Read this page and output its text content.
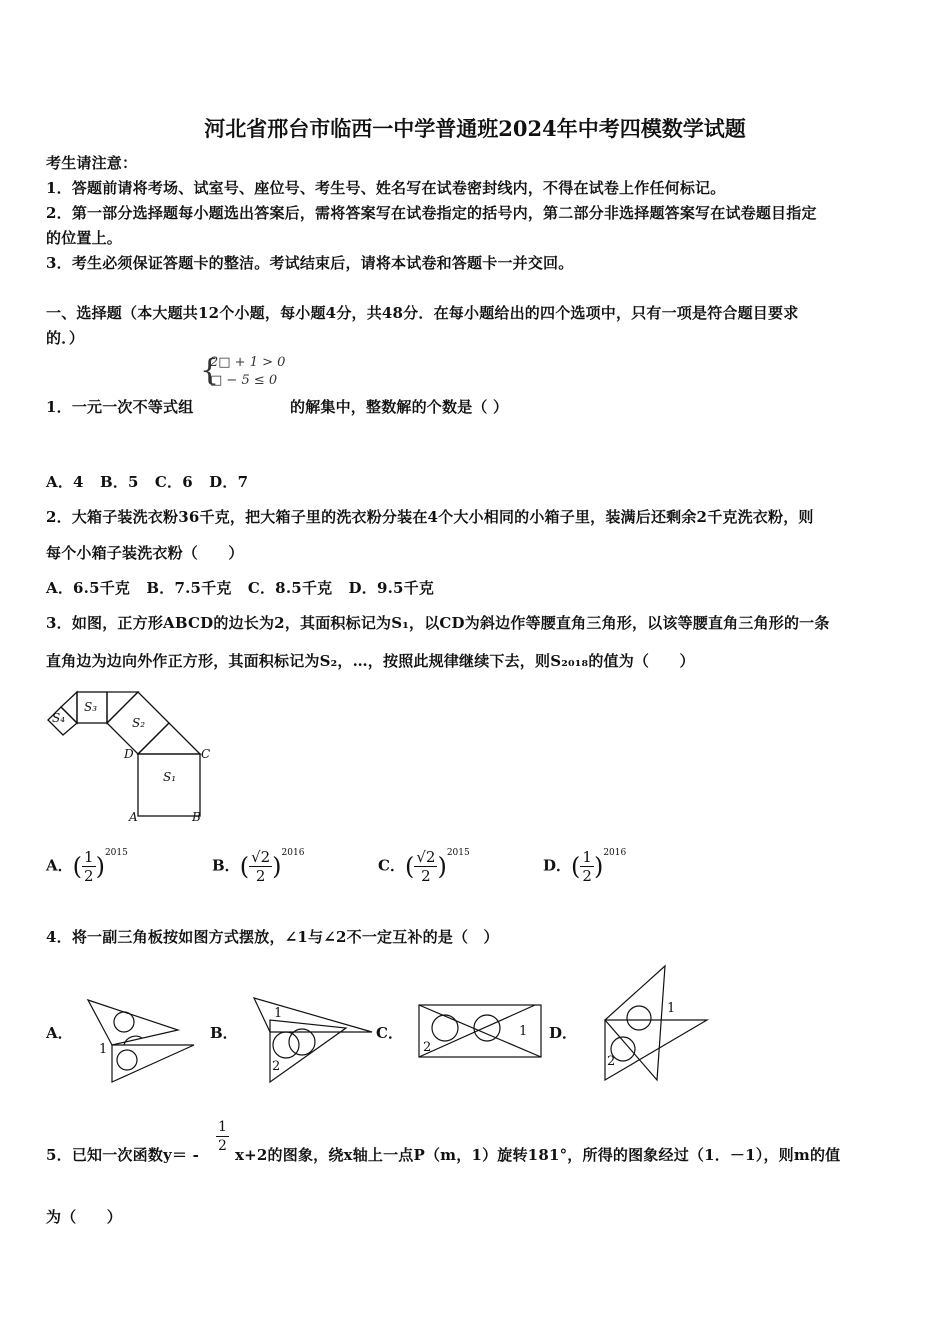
河北省邢台市临西一中学普通班2024年中考四模数学试题
考生请注意：
1．答题前请将考场、试室号、座位号、考生号、姓名写在试卷密封线内，不得在试卷上作任何标记。
2．第一部分选择题每小题选出答案后，需将答案写在试卷指定的括号内，第二部分非选择题答案写在试卷题目指定
的位置上。
3．考生必须保证答题卡的整洁。考试结束后，请将本试卷和答题卡一并交回。
一、选择题（本大题共12个小题，每小题4分，共48分．在每小题给出的四个选项中，只有一项是符合题目要求
的．）
1．一元一次不等式组
{
2□ + 1 > 0
□ − 5 ≤ 0
的解集中，整数解的个数是（ ）
A．4   B．5   C．6   D．7
2．大箱子装洗衣粉36千克，把大箱子里的洗衣粉分装在4个大小相同的小箱子里，装满后还剩余2千克洗衣粉，则
每个小箱子装洗衣粉（　　）
A．6.5千克   B．7.5千克   C．8.5千克   D．9.5千克
3．如图，正方形ABCD的边长为2，其面积标记为S₁，以CD为斜边作等腰直角三角形，以该等腰直角三角形的一条
直角边为边向外作正方形，其面积标记为S₂，…，按照此规律继续下去，则S₂₀₁₈的值为（　　）
S₄
S₃
S₂
S₁
D	C
A	B
A．( $\frac{1}{2} )^{2015}$
B．( $\frac{√2}{2} )^{2016}$
C．( $\frac{√2}{2} )^{2015}$
D．( $\frac{1}{2} )^{2016}$
4．将一副三角板按如图方式摆放，∠1与∠2不一定互补的是（　）
A．
1
B．
1
2
C．
2
1 D．
1
2
5．已知一次函数$y= - \frac{1}{2} x+2$的图象，绕x轴上一点P（m，1）旋转181°，所得的图象经过（1．－1），则m的值
为（　　）
